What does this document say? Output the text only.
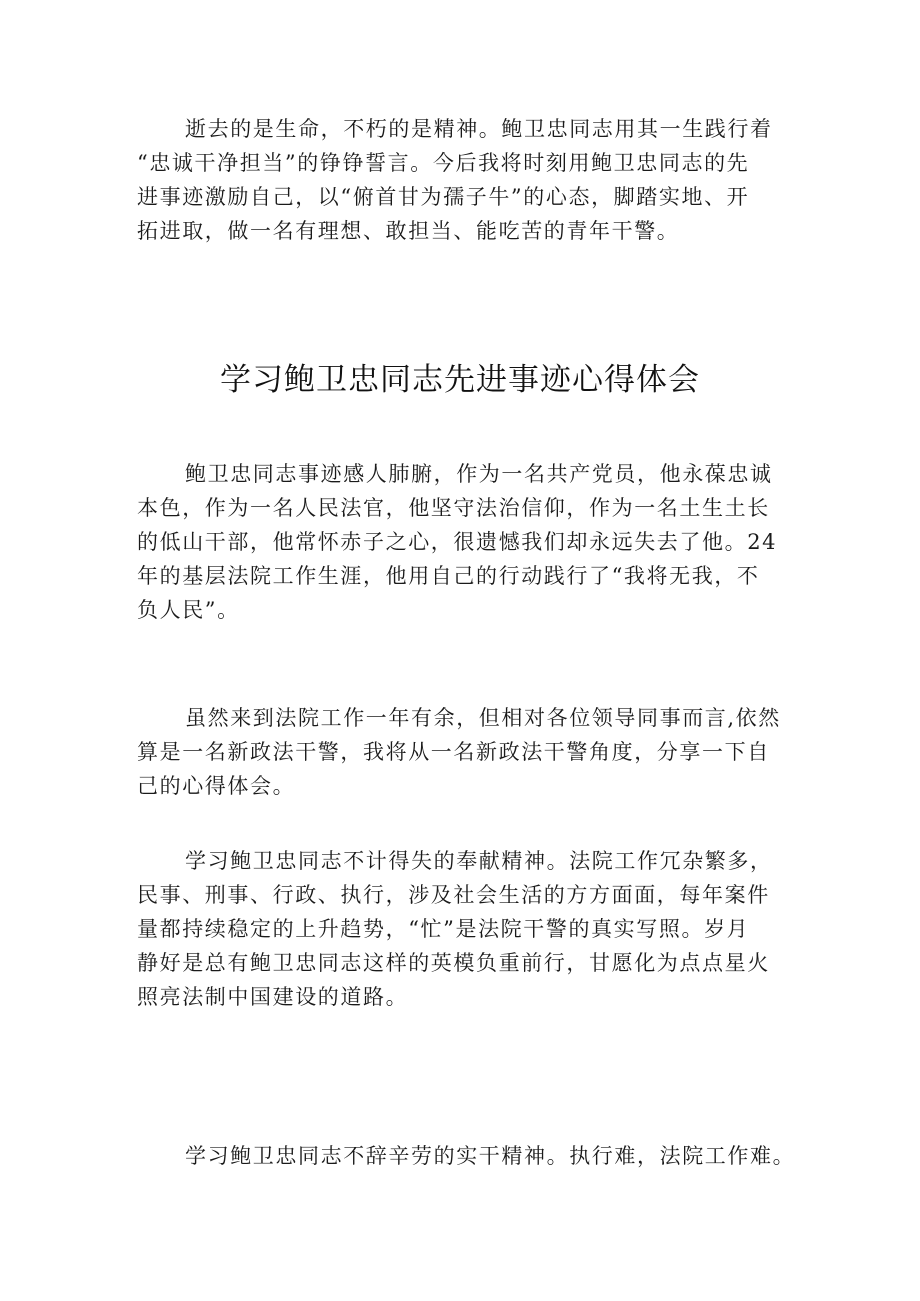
逝去的是生命，不朽的是精神。鲍卫忠同志用其一生践行着
“忠诚干净担当”的铮铮誓言。今后我将时刻用鲍卫忠同志的先
进事迹激励自己，以“俯首甘为孺子牛”的心态，脚踏实地、开
拓进取，做一名有理想、敢担当、能吃苦的青年干警。
学习鲍卫忠同志先进事迹心得体会
鲍卫忠同志事迹感人肺腑，作为一名共产党员，他永葆忠诚
本色，作为一名人民法官，他坚守法治信仰，作为一名土生土长
的低山干部，他常怀赤子之心，很遗憾我们却永远失去了他。24
年的基层法院工作生涯，他用自己的行动践行了“我将无我，不
负人民”。
虽然来到法院工作一年有余，但相对各位领导同事而言,依然
算是一名新政法干警，我将从一名新政法干警角度，分享一下自
己的心得体会。
学习鲍卫忠同志不计得失的奉献精神。法院工作冗杂繁多，
民事、刑事、行政、执行，涉及社会生活的方方面面，每年案件
量都持续稳定的上升趋势，“忙”是法院干警的真实写照。岁月
静好是总有鲍卫忠同志这样的英模负重前行，甘愿化为点点星火
照亮法制中国建设的道路。
学习鲍卫忠同志不辞辛劳的实干精神。执行难，法院工作难。
